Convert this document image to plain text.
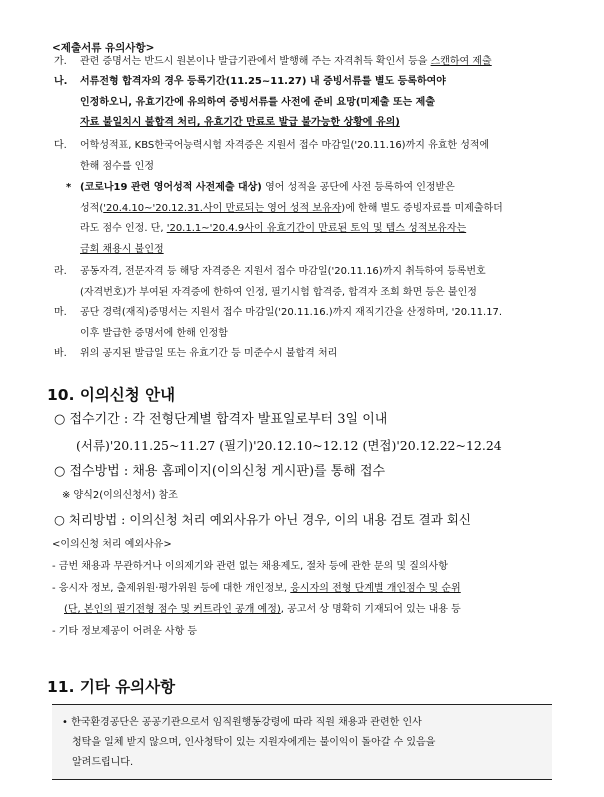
<제출서류 유의사항>
가. 관련 증명서는 반드시 원본이나 발급기관에서 발행해 주는 자격취득 확인서 등을 스캔하여 제출
나. 서류전형 합격자의 경우 등록기간(11.25~11.27) 내 증빙서류를 별도 등록하여야
인정하오니, 유효기간에 유의하여 증빙서류를 사전에 준비 요망(미제출 또는 제출
자료 불일치시 불합격 처리, 유효기간 만료로 발급 불가능한 상황에 유의)
다. 어학성적표, KBS한국어능력시험 자격증은 지원서 접수 마감일('20.11.16)까지 유효한 성적에
한해 점수를 인정
* (코로나19 관련 영어성적 사전제출 대상) 영어 성적을 공단에 사전 등록하여 인정받은
성적('20.4.10~'20.12.31.사이 만료되는 영어 성적 보유자)에 한해 별도 증빙자료를 미제출하더
라도 점수 인정. 단, '20.1.1~'20.4.9사이 유효기간이 만료된 토익 및 텝스 성적보유자는
금회 채용시 불인정
라. 공동자격, 전문자격 등 해당 자격증은 지원서 접수 마감일('20.11.16)까지 취득하여 등록번호
(자격번호)가 부여된 자격증에 한하여 인정, 필기시험 합격증, 합격자 조회 화면 등은 불인정
마. 공단 경력(재직)증명서는 지원서 접수 마감일('20.11.16.)까지 재직기간을 산정하며, '20.11.17.
이후 발급한 증명서에 한해 인정함
바. 위의 공지된 발급일 또는 유효기간 등 미준수시 불합격 처리
10. 이의신청 안내
○ 접수기간 : 각 전형단계별 합격자 발표일로부터 3일 이내
(서류)'20.11.25~11.27 (필기)'20.12.10~12.12 (면접)'20.12.22~12.24
○ 접수방법 : 채용 홈페이지(이의신청 게시판)를 통해 접수
※ 양식2(이의신청서) 참조
○ 처리방법 : 이의신청 처리 예외사유가 아닌 경우, 이의 내용 검토 결과 회신
<이의신청 처리 예외사유>
- 금번 채용과 무관하거나 이의제기와 관련 없는 채용제도, 절차 등에 관한 문의 및 질의사항
- 응시자 정보, 출제위원·평가위원 등에 대한 개인정보, 응시자의 전형 단계별 개인점수 및 순위
(단, 본인의 필기전형 점수 및 커트라인 공개 예정), 공고서 상 명확히 기재되어 있는 내용 등
- 기타 정보제공이 어려운 사항 등
11. 기타 유의사항
• 한국환경공단은 공공기관으로서 임직원행동강령에 따라 직원 채용과 관련한 인사
청탁을 일체 받지 않으며, 인사청탁이 있는 지원자에게는 불이익이 돌아갈 수 있음을
알려드립니다.
